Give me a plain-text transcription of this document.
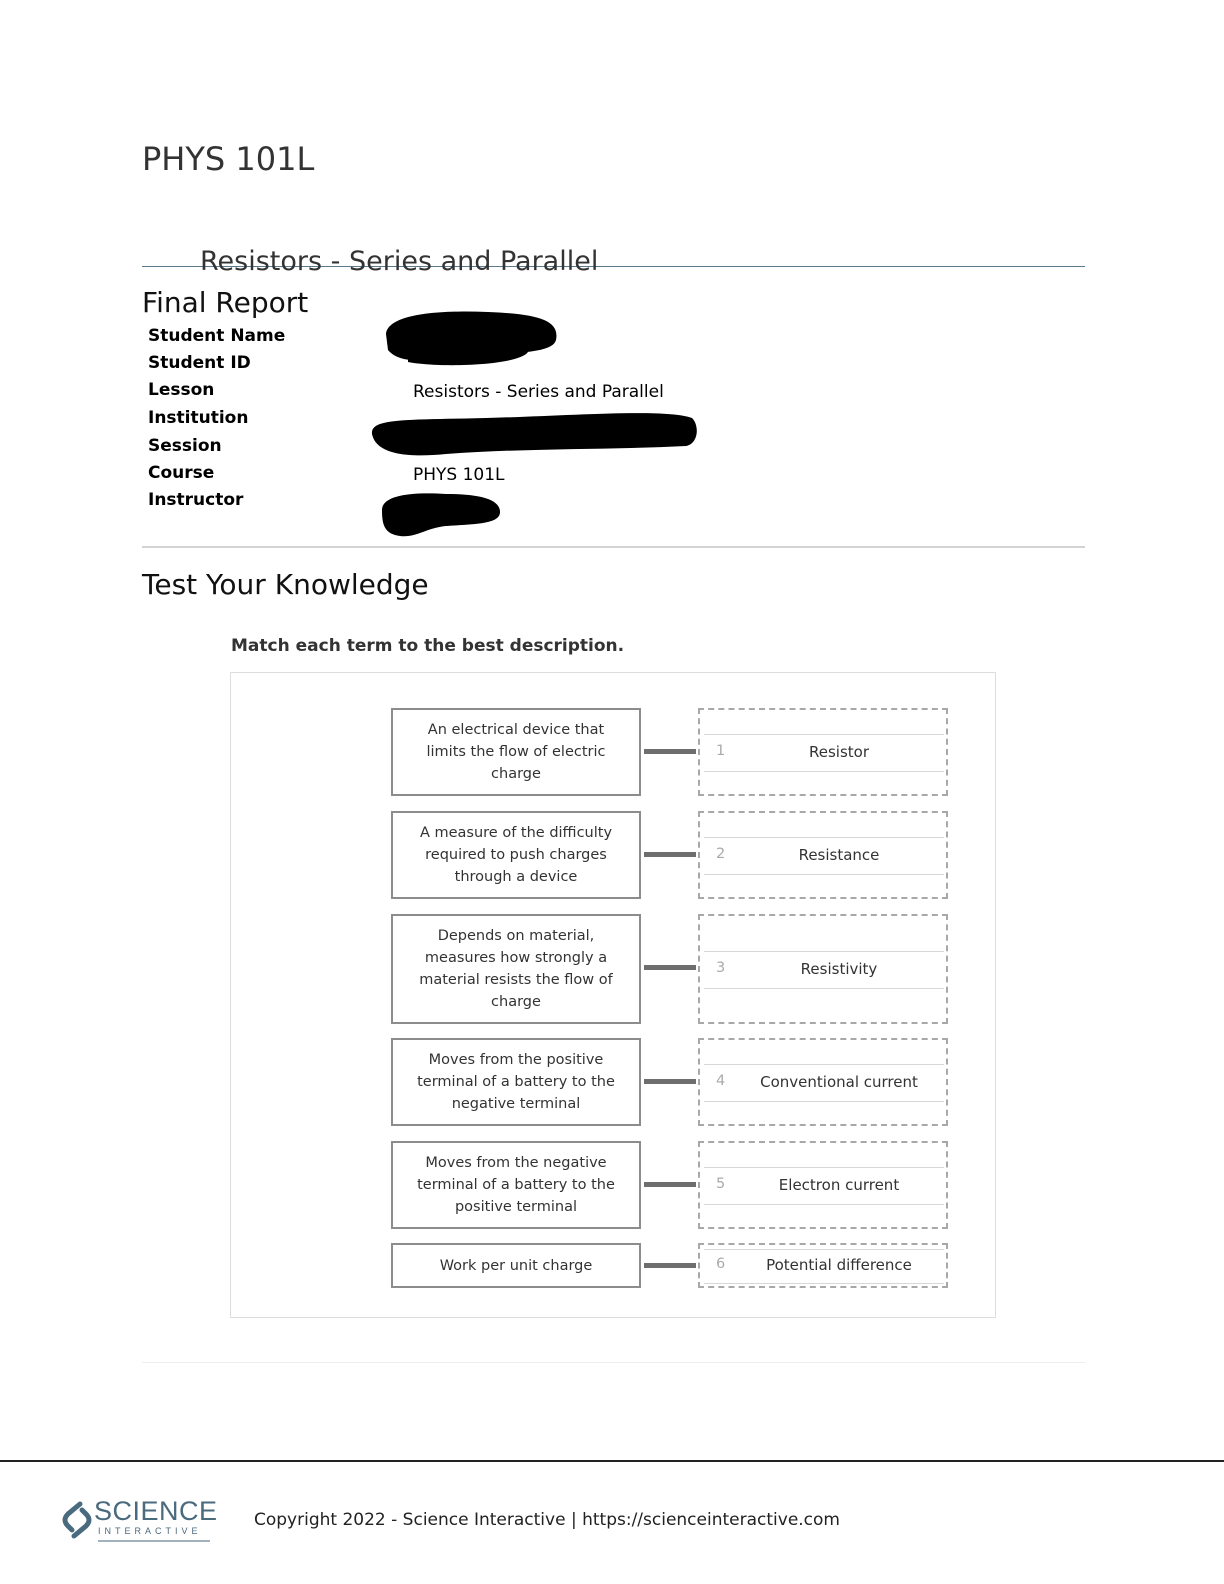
PHYS 101L
Resistors - Series and Parallel
Final Report
Student Name
Student ID
Lesson	Resistors - Series and Parallel
Institution
Session
Course	PHYS 101L
Instructor
Test Your Knowledge

Match each term to the best description.

An electrical device that limits the flow of electric charge
1	Resistor
A measure of the difficulty required to push charges through a device
2	Resistance
Depends on material, measures how strongly a material resists the flow of charge
3	Resistivity
Moves from the positive terminal of a battery to the negative terminal
4	Conventional current
Moves from the negative terminal of a battery to the positive terminal
5	Electron current
Work per unit charge	6	Potential difference
SCIENCE
INTERACTIVE
Copyright 2022 - Science Interactive | https://scienceinteractive.com
